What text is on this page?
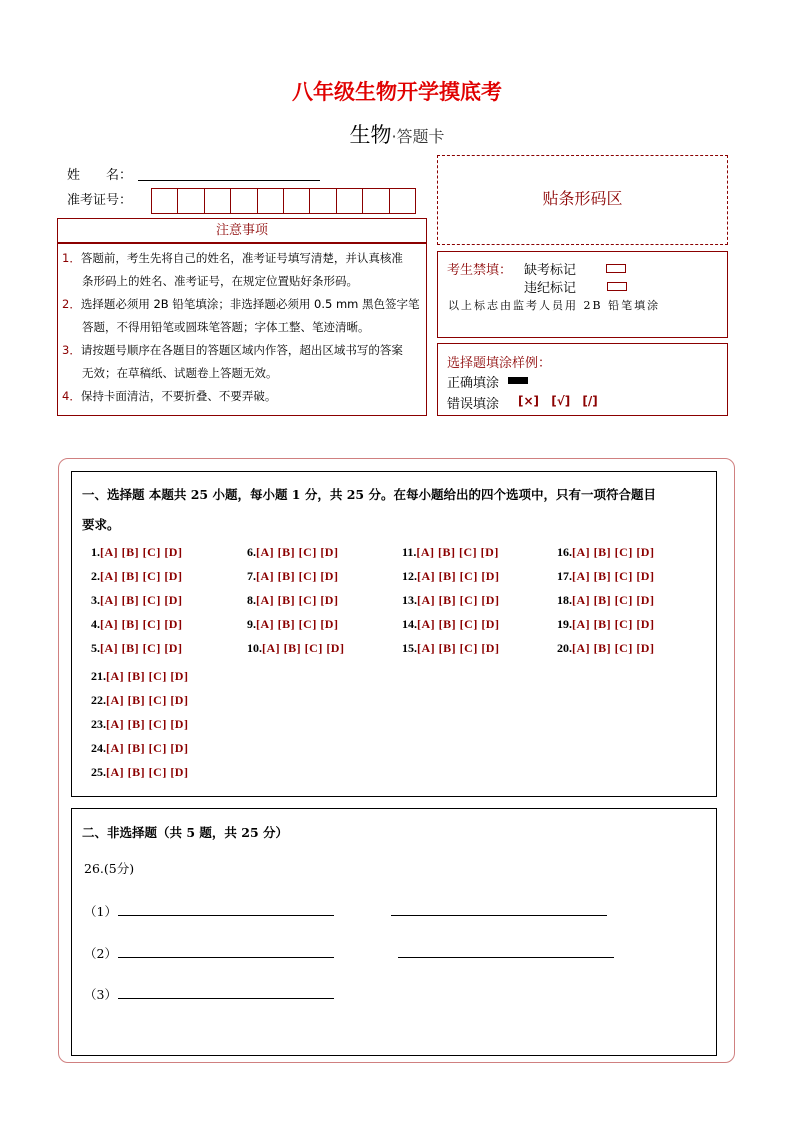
八年级生物开学摸底考
生物·答题卡
姓　　名：
准考证号：
注意事项
1．答题前，考生先将自己的姓名，准考证号填写清楚，并认真核准
条形码上的姓名、准考证号，在规定位置贴好条形码。
2．选择题必须用 2B 铅笔填涂；非选择题必须用 0.5 mm 黑色签字笔
答题，不得用铅笔或圆珠笔答题；字体工整、笔迹清晰。
3．请按题号顺序在各题目的答题区域内作答，超出区域书写的答案
无效；在草稿纸、试题卷上答题无效。
4．保持卡面清洁，不要折叠、不要弄破。
贴条形码区
考生禁填： 缺考标记
违纪标记
以上标志由监考人员用 2B 铅笔填涂
选择题填涂样例：
正确填涂
错误填涂 [×] [√] [/]
一、选择题 本题共 25 小题，每小题 1 分，共 25 分。在每小题给出的四个选项中，只有一项符合题目
要求。
1.[A] [B] [C] [D]
2.[A] [B] [C] [D]
3.[A] [B] [C] [D]
4.[A] [B] [C] [D]
5.[A] [B] [C] [D]
6.[A] [B] [C] [D]
7.[A] [B] [C] [D]
8.[A] [B] [C] [D]
9.[A] [B] [C] [D]
10.[A] [B] [C] [D]
11.[A] [B] [C] [D]
12.[A] [B] [C] [D]
13.[A] [B] [C] [D]
14.[A] [B] [C] [D]
15.[A] [B] [C] [D]
16.[A] [B] [C] [D]
17.[A] [B] [C] [D]
18.[A] [B] [C] [D]
19.[A] [B] [C] [D]
20.[A] [B] [C] [D]
21.[A] [B] [C] [D]
22.[A] [B] [C] [D]
23.[A] [B] [C] [D]
24.[A] [B] [C] [D]
25.[A] [B] [C] [D]
二、非选择题（共 5 题，共 25 分）
26.(5分)
（1）
（2）
（3）
